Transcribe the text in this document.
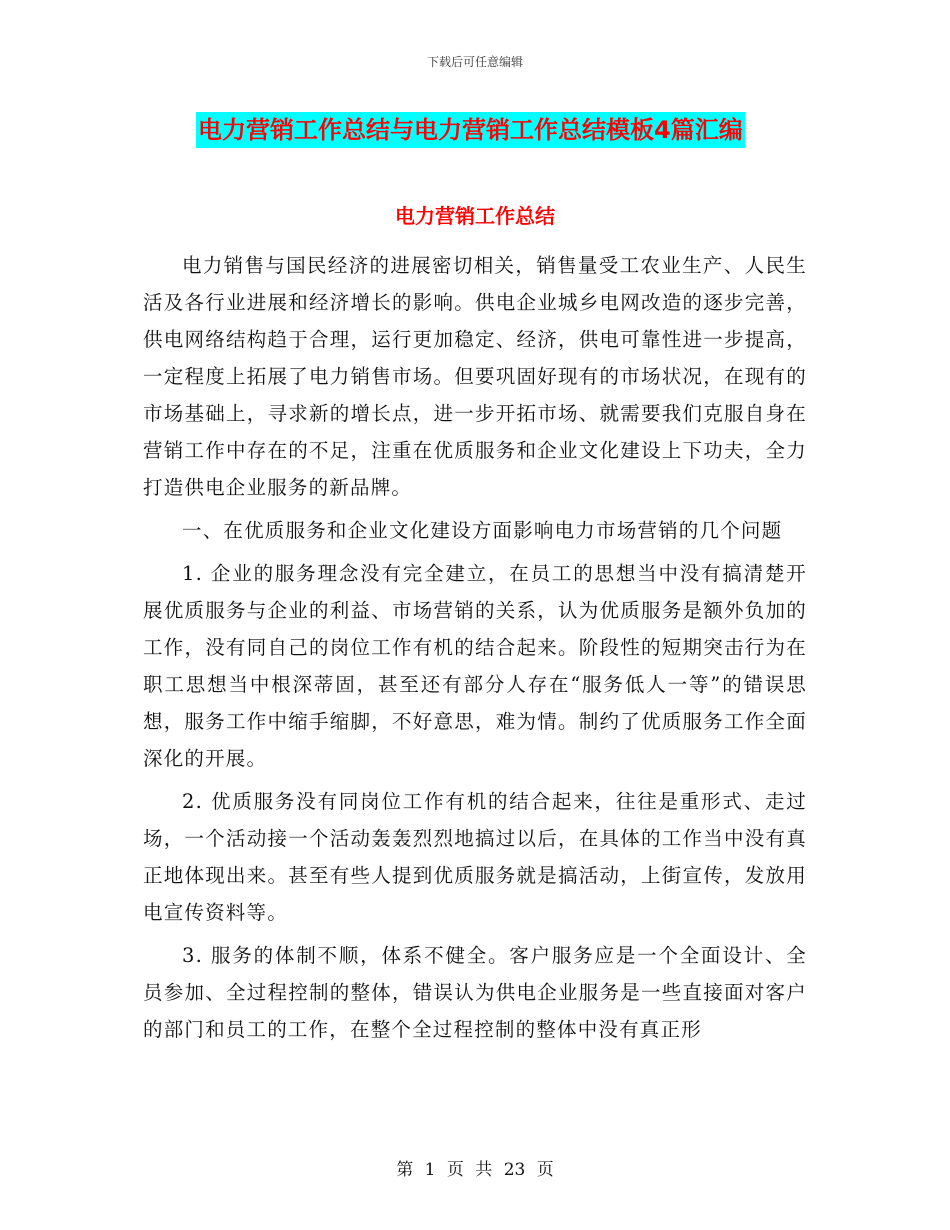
下载后可任意编辑
电力营销工作总结与电力营销工作总结模板4篇汇编
电力营销工作总结

电力销售与国民经济的进展密切相关，销售量受工农业生产、人民生活及各行业进展和经济增长的影响。供电企业城乡电网改造的逐步完善，供电网络结构趋于合理，运行更加稳定、经济，供电可靠性进一步提高，一定程度上拓展了电力销售市场。但要巩固好现有的市场状况，在现有的市场基础上，寻求新的增长点，进一步开拓市场、就需要我们克服自身在营销工作中存在的不足，注重在优质服务和企业文化建设上下功夫，全力打造供电企业服务的新品牌。

一、在优质服务和企业文化建设方面影响电力市场营销的几个问题

1. 企业的服务理念没有完全建立，在员工的思想当中没有搞清楚开展优质服务与企业的利益、市场营销的关系，认为优质服务是额外负加的工作，没有同自己的岗位工作有机的结合起来。阶段性的短期突击行为在职工思想当中根深蒂固，甚至还有部分人存在“服务低人一等”的错误思想，服务工作中缩手缩脚，不好意思，难为情。制约了优质服务工作全面深化的开展。

2. 优质服务没有同岗位工作有机的结合起来，往往是重形式、走过场，一个活动接一个活动轰轰烈烈地搞过以后，在具体的工作当中没有真正地体现出来。甚至有些人提到优质服务就是搞活动，上街宣传，发放用电宣传资料等。

3. 服务的体制不顺，体系不健全。客户服务应是一个全面设计、全员参加、全过程控制的整体，错误认为供电企业服务是一些直接面对客户的部门和员工的工作，在整个全过程控制的整体中没有真正形

第 1 页 共 23 页
